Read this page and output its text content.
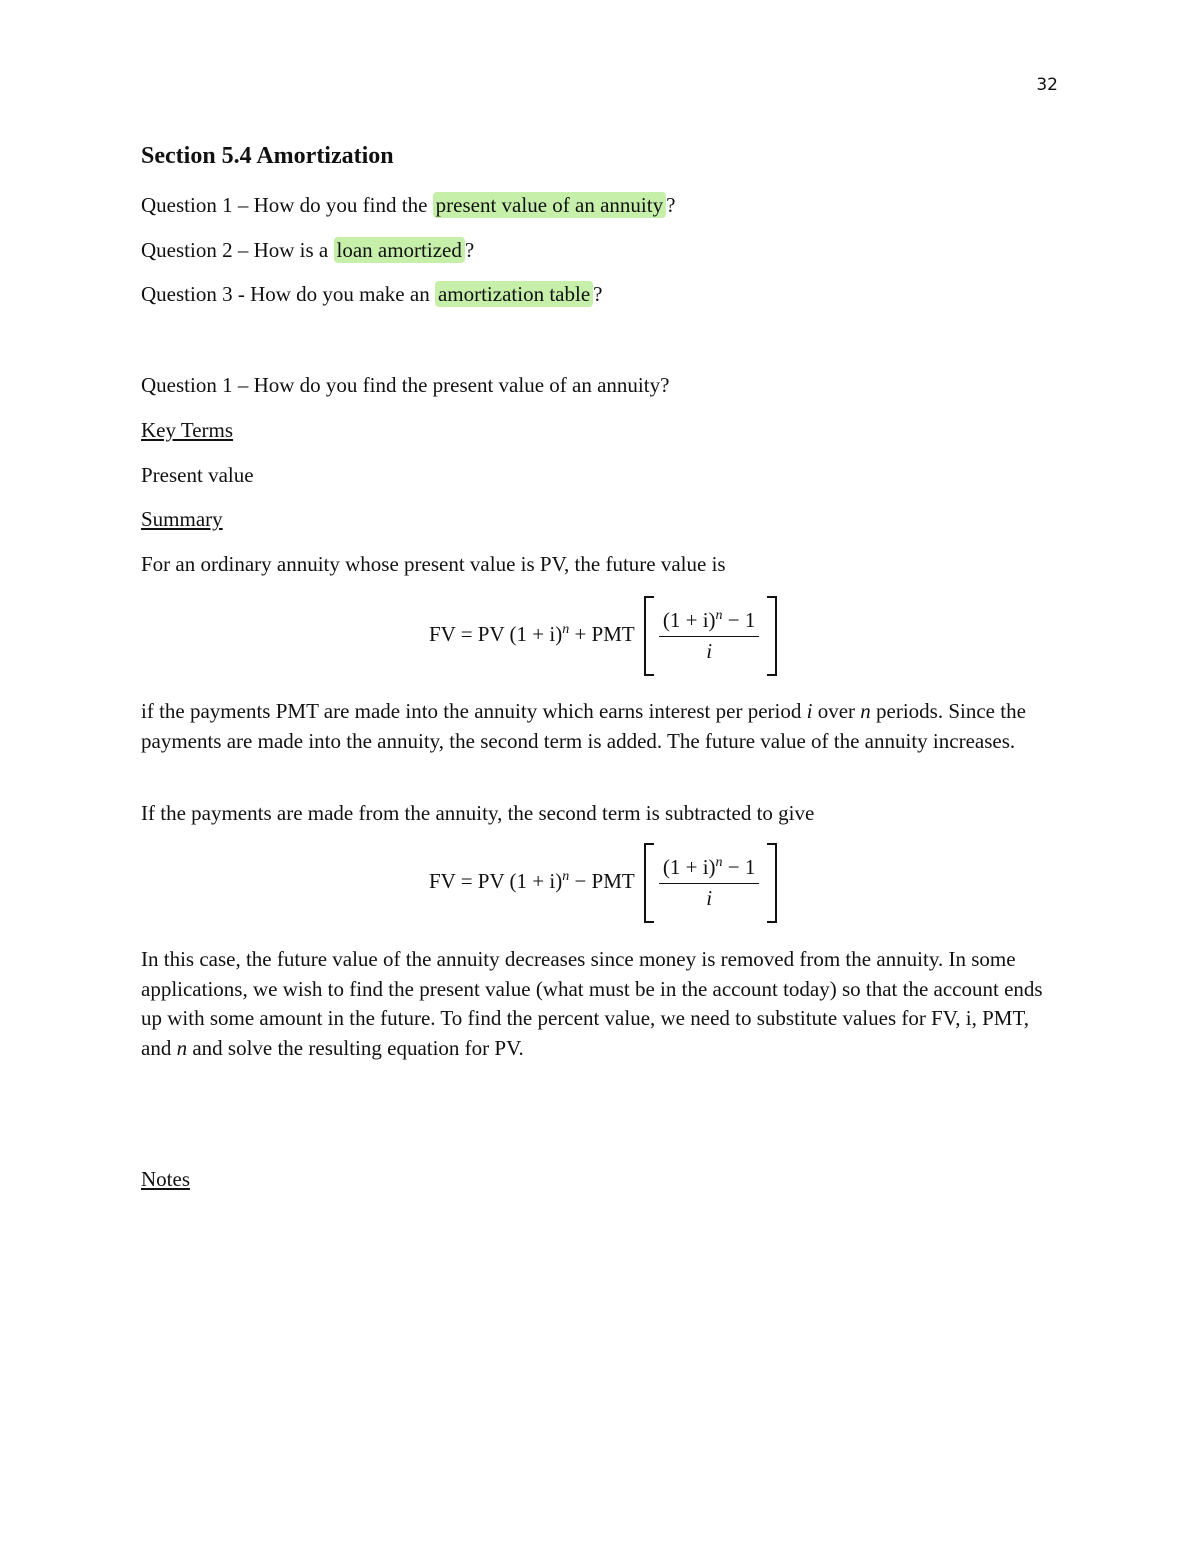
32
Section 5.4 Amortization
Question 1 – How do you find the present value of an annuity ?
Question 2 – How is a loan amortized ?
Question 3 - How do you make an amortization table ?
Question 1 – How do you find the present value of an annuity?
Key Terms
Present value
Summary
For an ordinary annuity whose present value is PV, the future value is
FV = PV $(1 + i)^n$ + PMT $\frac{(1 + i)^n - 1}{i}$

if the payments PMT are made into the annuity which earns interest per period i over n periods. Since the payments are made into the annuity, the second term is added. The future value of the annuity increases.
If the payments are made from the annuity, the second term is subtracted to give
FV = PV $(1 + i)^n$ − PMT $\frac{(1 + i)^n - 1}{i}$

In this case, the future value of the annuity decreases since money is removed from the annuity. In some applications, we wish to find the present value (what must be in the account today) so that the account ends up with some amount in the future. To find the percent value, we need to substitute values for FV, i, PMT, and n and solve the resulting equation for PV.
Notes
